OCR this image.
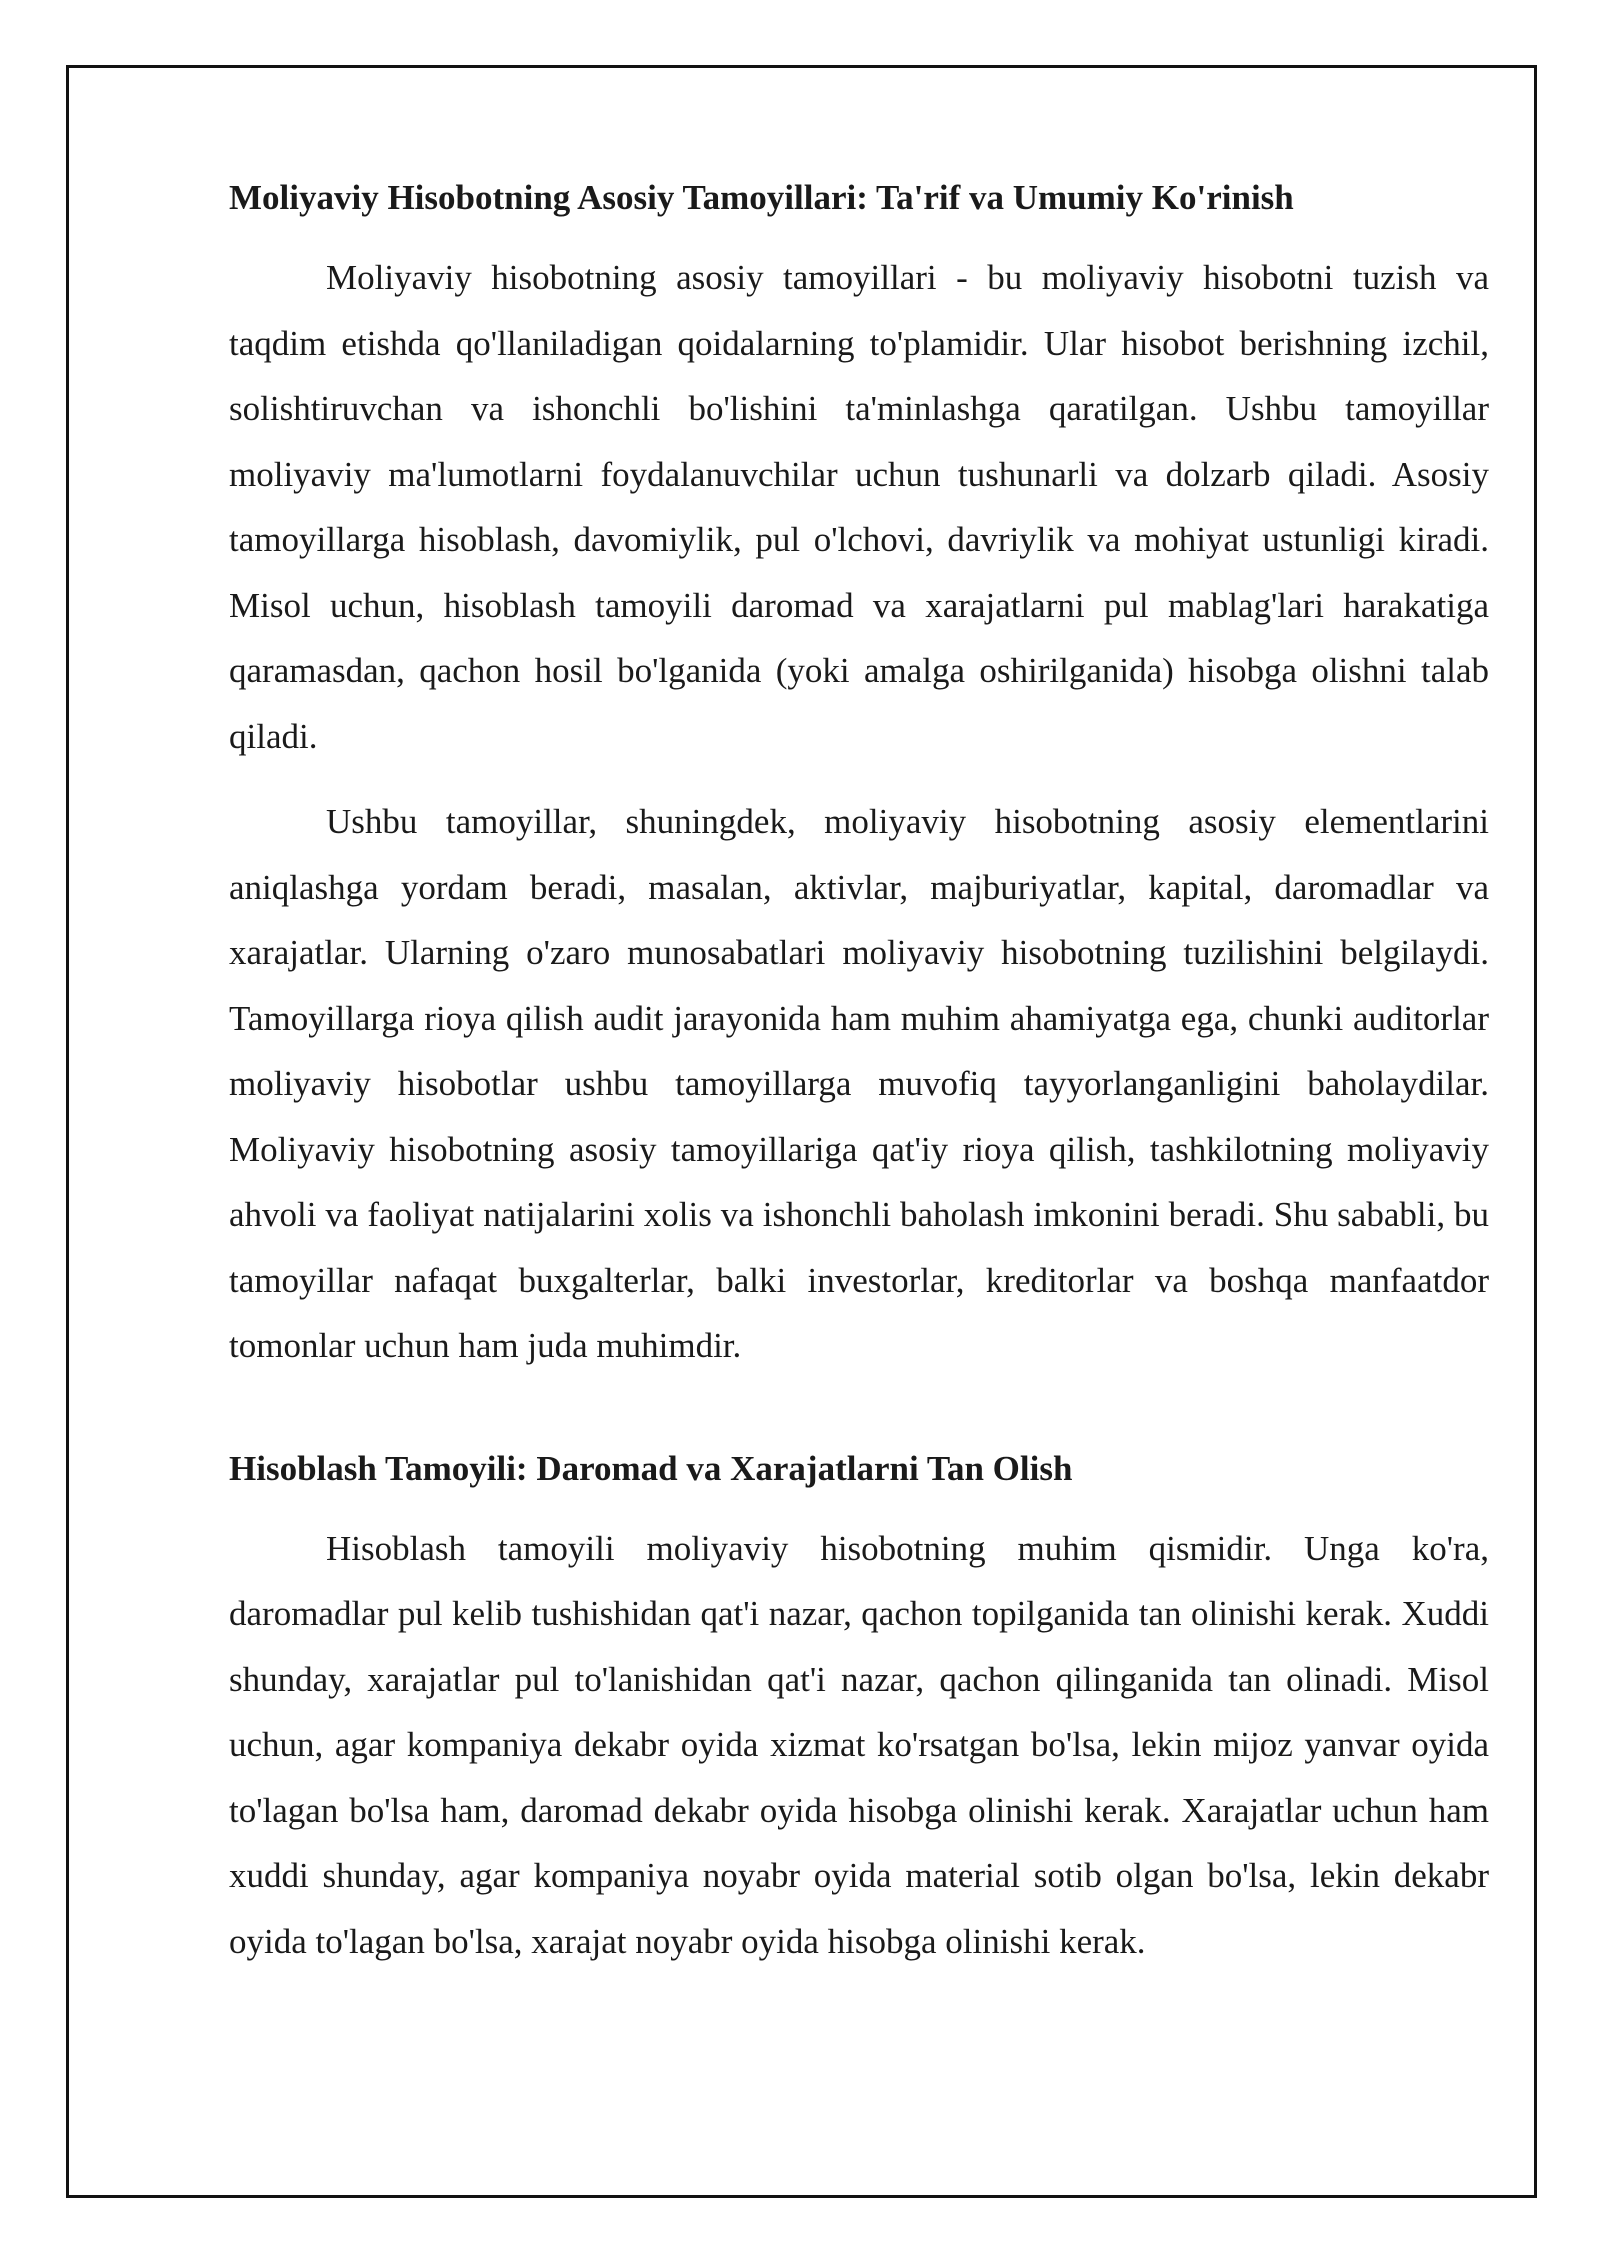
Moliyaviy Hisobotning Asosiy Tamoyillari: Ta'rif va Umumiy Ko'rinish

Moliyaviy hisobotning asosiy tamoyillari - bu moliyaviy hisobotni tuzish va taqdim etishda qo'llaniladigan qoidalarning to'plamidir. Ular hisobot berishning izchil, solishtiruvchan va ishonchli bo'lishini ta'minlashga qaratilgan. Ushbu tamoyillar moliyaviy ma'lumotlarni foydalanuvchilar uchun tushunarli va dolzarb qiladi. Asosiy tamoyillarga hisoblash, davomiylik, pul o'lchovi, davriylik va mohiyat ustunligi kiradi. Misol uchun, hisoblash tamoyili daromad va xarajatlarni pul mablag'lari harakatiga qaramasdan, qachon hosil bo'lganida (yoki amalga oshirilganida) hisobga olishni talab qiladi.

Ushbu tamoyillar, shuningdek, moliyaviy hisobotning asosiy elementlarini aniqlashga yordam beradi, masalan, aktivlar, majburiyatlar, kapital, daromadlar va xarajatlar. Ularning o'zaro munosabatlari moliyaviy hisobotning tuzilishini belgilaydi. Tamoyillarga rioya qilish audit jarayonida ham muhim ahamiyatga ega, chunki auditorlar moliyaviy hisobotlar ushbu tamoyillarga muvofiq tayyorlanganligini baholaydilar. Moliyaviy hisobotning asosiy tamoyillariga qat'iy rioya qilish, tashkilotning moliyaviy ahvoli va faoliyat natijalarini xolis va ishonchli baholash imkonini beradi. Shu sababli, bu tamoyillar nafaqat buxgalterlar, balki investorlar, kreditorlar va boshqa manfaatdor tomonlar uchun ham juda muhimdir.

Hisoblash Tamoyili: Daromad va Xarajatlarni Tan Olish

Hisoblash tamoyili moliyaviy hisobotning muhim qismidir. Unga ko'ra, daromadlar pul kelib tushishidan qat'i nazar, qachon topilganida tan olinishi kerak. Xuddi shunday, xarajatlar pul to'lanishidan qat'i nazar, qachon qilinganida tan olinadi. Misol uchun, agar kompaniya dekabr oyida xizmat ko'rsatgan bo'lsa, lekin mijoz yanvar oyida to'lagan bo'lsa ham, daromad dekabr oyida hisobga olinishi kerak. Xarajatlar uchun ham xuddi shunday, agar kompaniya noyabr oyida material sotib olgan bo'lsa, lekin dekabr oyida to'lagan bo'lsa, xarajat noyabr oyida hisobga olinishi kerak.
